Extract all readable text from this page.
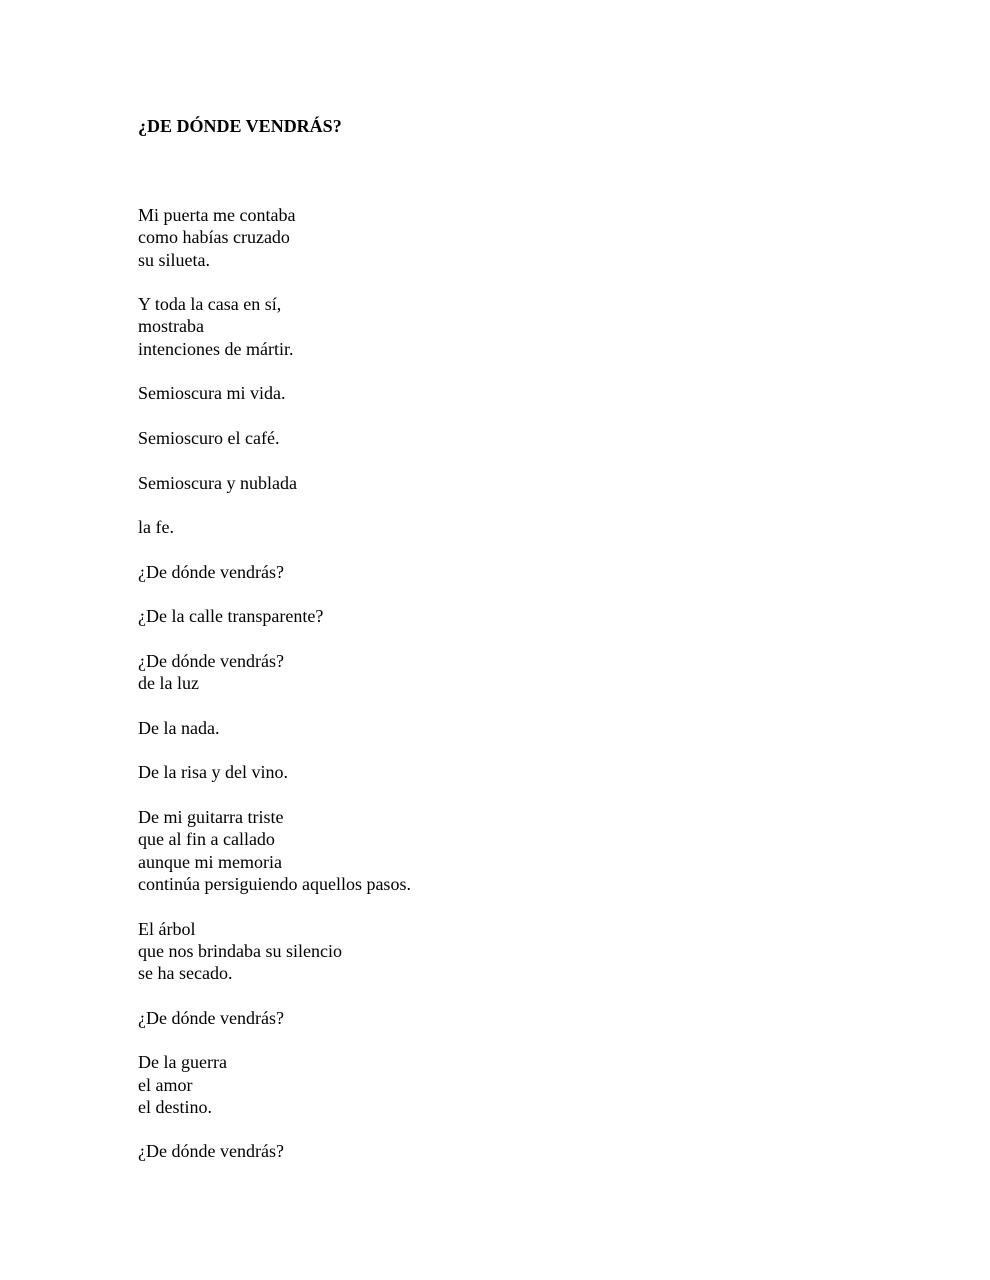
¿DE DÓNDE VENDRÁS?
Mi puerta me contaba
como habías cruzado
su silueta.
Y toda la casa en sí,
mostraba
intenciones de mártir.
Semioscura mi vida.
Semioscuro el café.
Semioscura y nublada
la fe.
¿De dónde vendrás?
¿De la calle transparente?
¿De dónde vendrás?
de la luz
De la nada.
De la risa y del vino.
De mi guitarra triste
que al fin a callado
aunque mi memoria
continúa persiguiendo aquellos pasos.
El árbol
que nos brindaba su silencio
se ha secado.
¿De dónde vendrás?
De la guerra
el amor
el destino.
¿De dónde vendrás?
